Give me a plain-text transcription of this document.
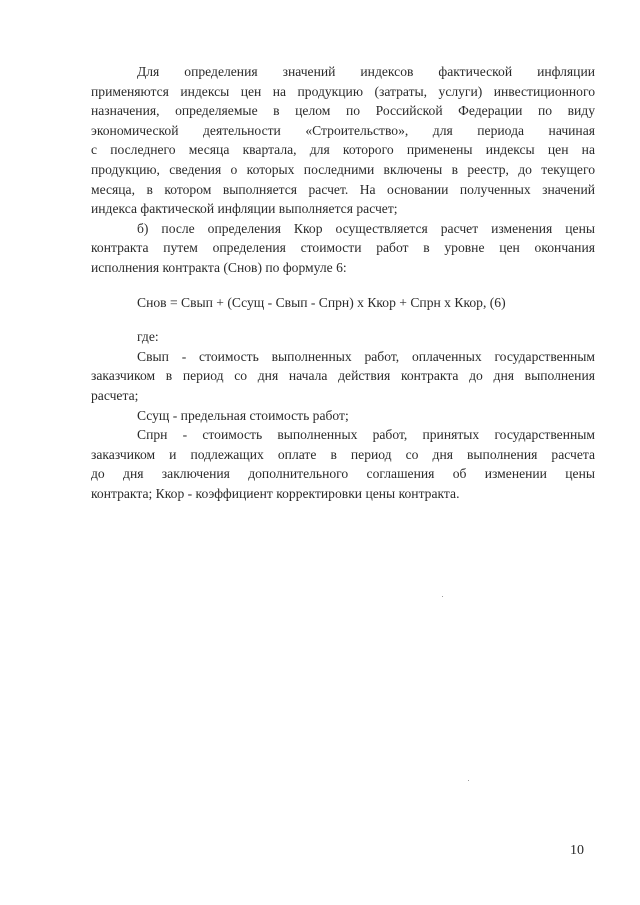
Для определения значений индексов фактической инфляции
применяются индексы цен на продукцию (затраты, услуги) инвестиционного
назначения, определяемые в целом по Российской Федерации по виду
экономической деятельности «Строительство», для периода начиная
с последнего месяца квартала, для которого применены индексы цен на
продукцию, сведения о которых последними включены в реестр, до текущего
месяца, в котором выполняется расчет. На основании полученных значений
индекса фактической инфляции выполняется расчет;
б) после определения Ккор осуществляется расчет изменения цены
контракта путем определения стоимости работ в уровне цен окончания
исполнения контракта (Снов) по формуле 6:
Снов = Свып + (Ссущ - Свып - Спрн) х Ккор + Спрн х Ккор, (6)
где:
Свып - стоимость выполненных работ, оплаченных государственным
заказчиком в период со дня начала действия контракта до дня выполнения
расчета;
Ссущ - предельная стоимость работ;
Спрн - стоимость выполненных работ, принятых государственным
заказчиком и подлежащих оплате в период со дня выполнения расчета
до дня заключения дополнительного соглашения об изменении цены
контракта; Ккор - коэффициент корректировки цены контракта.
10
